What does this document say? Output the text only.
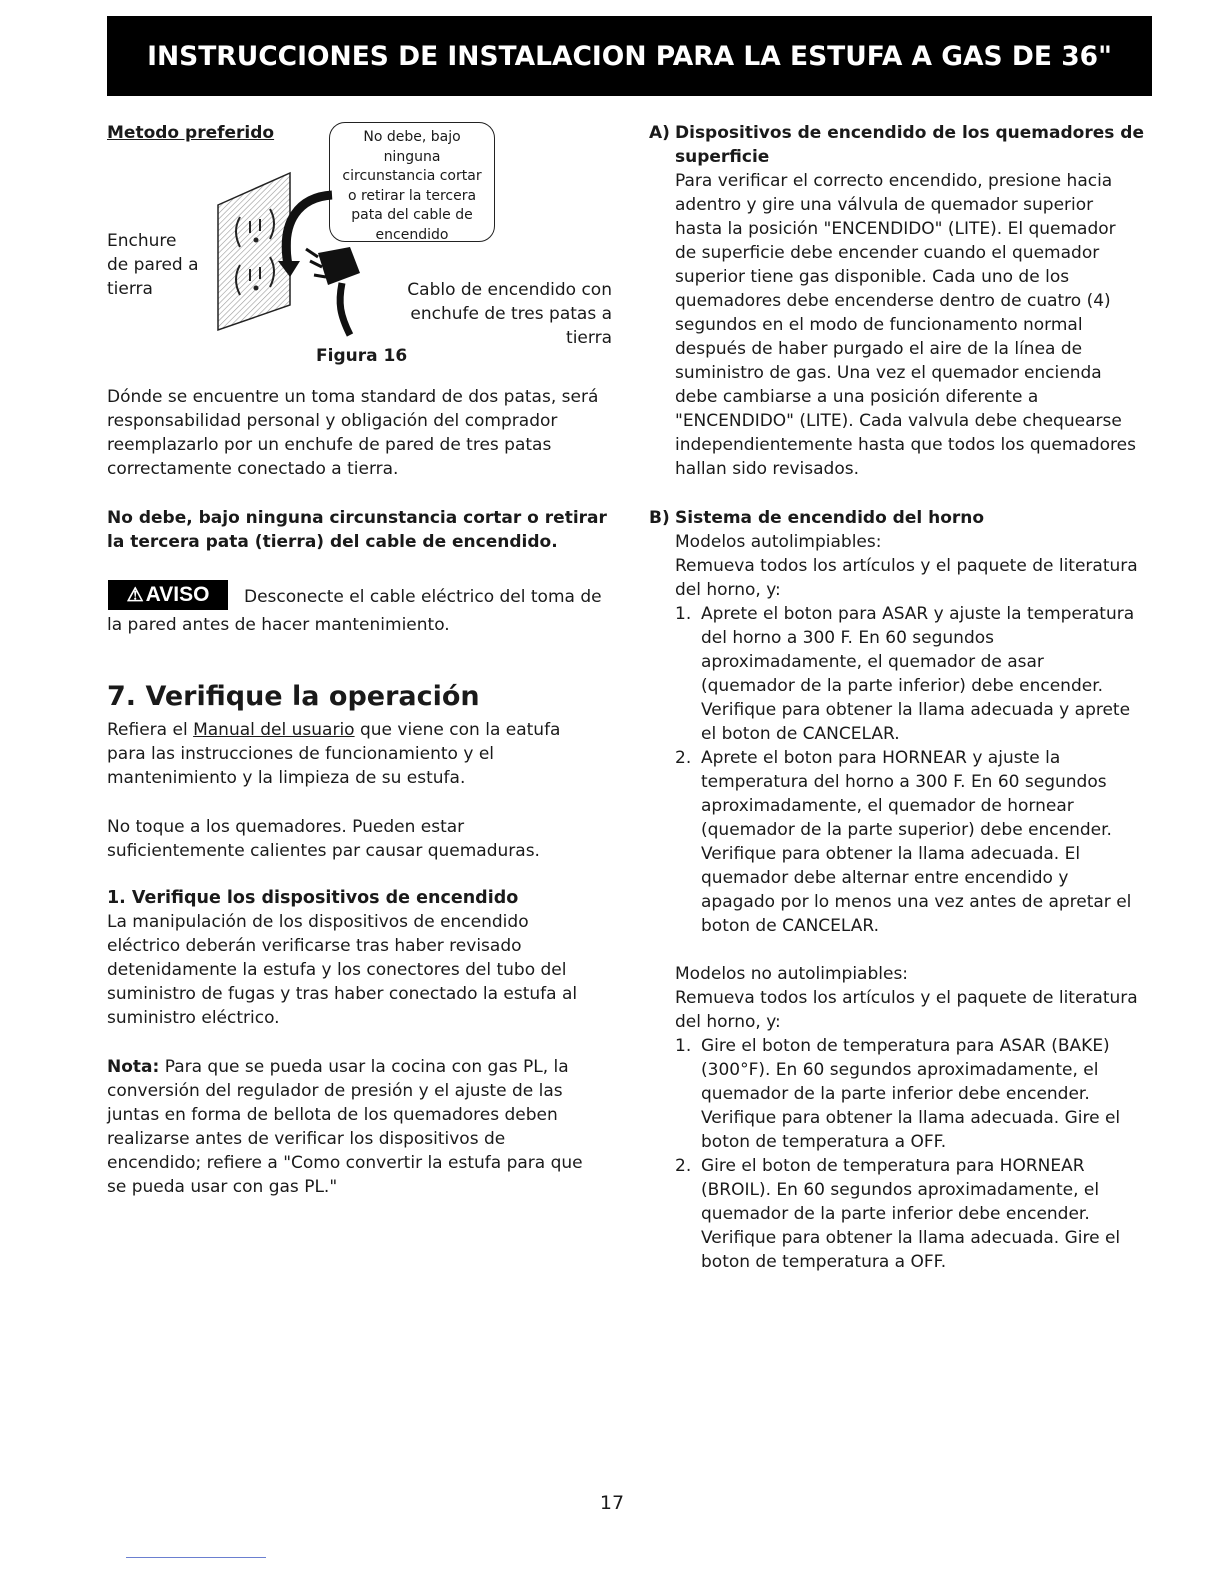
INSTRUCCIONES DE INSTALACION PARA LA ESTUFA A GAS DE 36"
Metodo preferido	No debe, bajo
ninguna
circunstancia cortar
o retirar la tercera
pata del cable de
encendido
Enchure
de pared a
tierra	Cablo de encendido con
enchufe de tres patas a
tierra
Figura 16
Dónde se encuentre un toma standard de dos patas, será
responsabilidad personal y obligación del comprador
reemplazarlo por un enchufe de pared de tres patas
correctamente conectado a tierra.
No debe, bajo ninguna circunstancia cortar o retirar
la tercera pata (tierra) del cable de encendido.
⚠ AVISO Desconecte el cable eléctrico del toma de
la pared antes de hacer mantenimiento.
7. Verifique la operación
Refiera el Manual del usuario que viene con la eatufa
para las instrucciones de funcionamiento y el
mantenimiento y la limpieza de su estufa.
No toque a los quemadores. Pueden estar
suficientemente calientes par causar quemaduras.
1. Verifique los dispositivos de encendido
La manipulación de los dispositivos de encendido
eléctrico deberán verificarse tras haber revisado
detenidamente la estufa y los conectores del tubo del
suministro de fugas y tras haber conectado la estufa al
suministro eléctrico.
Nota: Para que se pueda usar la cocina con gas PL, la
conversión del regulador de presión y el ajuste de las
juntas en forma de bellota de los quemadores deben
realizarse antes de verificar los dispositivos de
encendido; refiere a "Como convertir la estufa para que
se pueda usar con gas PL."
A) Dispositivos de encendido de los quemadores de
superficie
Para verificar el correcto encendido, presione hacia
adentro y gire una válvula de quemador superior
hasta la posición "ENCENDIDO" (LITE). El quemador
de superficie debe encender cuando el quemador
superior tiene gas disponible. Cada uno de los
quemadores debe encenderse dentro de cuatro (4)
segundos en el modo de funcionamento normal
después de haber purgado el aire de la línea de
suministro de gas. Una vez el quemador encienda
debe cambiarse a una posición diferente a
"ENCENDIDO" (LITE). Cada valvula debe chequearse
independientemente hasta que todos los quemadores
hallan sido revisados.
B) Sistema de encendido del horno
Modelos autolimpiables:
Remueva todos los artículos y el paquete de literatura
del horno, y:
1. Aprete el boton para ASAR y ajuste la temperatura
del horno a 300 F. En 60 segundos
aproximadamente, el quemador de asar
(quemador de la parte inferior) debe encender.
Verifique para obtener la llama adecuada y aprete
el boton de CANCELAR.
2. Aprete el boton para HORNEAR y ajuste la
temperatura del horno a 300 F. En 60 segundos
aproximadamente, el quemador de hornear
(quemador de la parte superior) debe encender.
Verifique para obtener la llama adecuada. El
quemador debe alternar entre encendido y
apagado por lo menos una vez antes de apretar el
boton de CANCELAR.
Modelos no autolimpiables:
Remueva todos los artículos y el paquete de literatura
del horno, y:
1. Gire el boton de temperatura para ASAR (BAKE)
(300°F). En 60 segundos aproximadamente, el
quemador de la parte inferior debe encender.
Verifique para obtener la llama adecuada. Gire el
boton de temperatura a OFF.
2. Gire el boton de temperatura para HORNEAR
(BROIL). En 60 segundos aproximadamente, el
quemador de la parte inferior debe encender.
Verifique para obtener la llama adecuada. Gire el
boton de temperatura a OFF.
17
